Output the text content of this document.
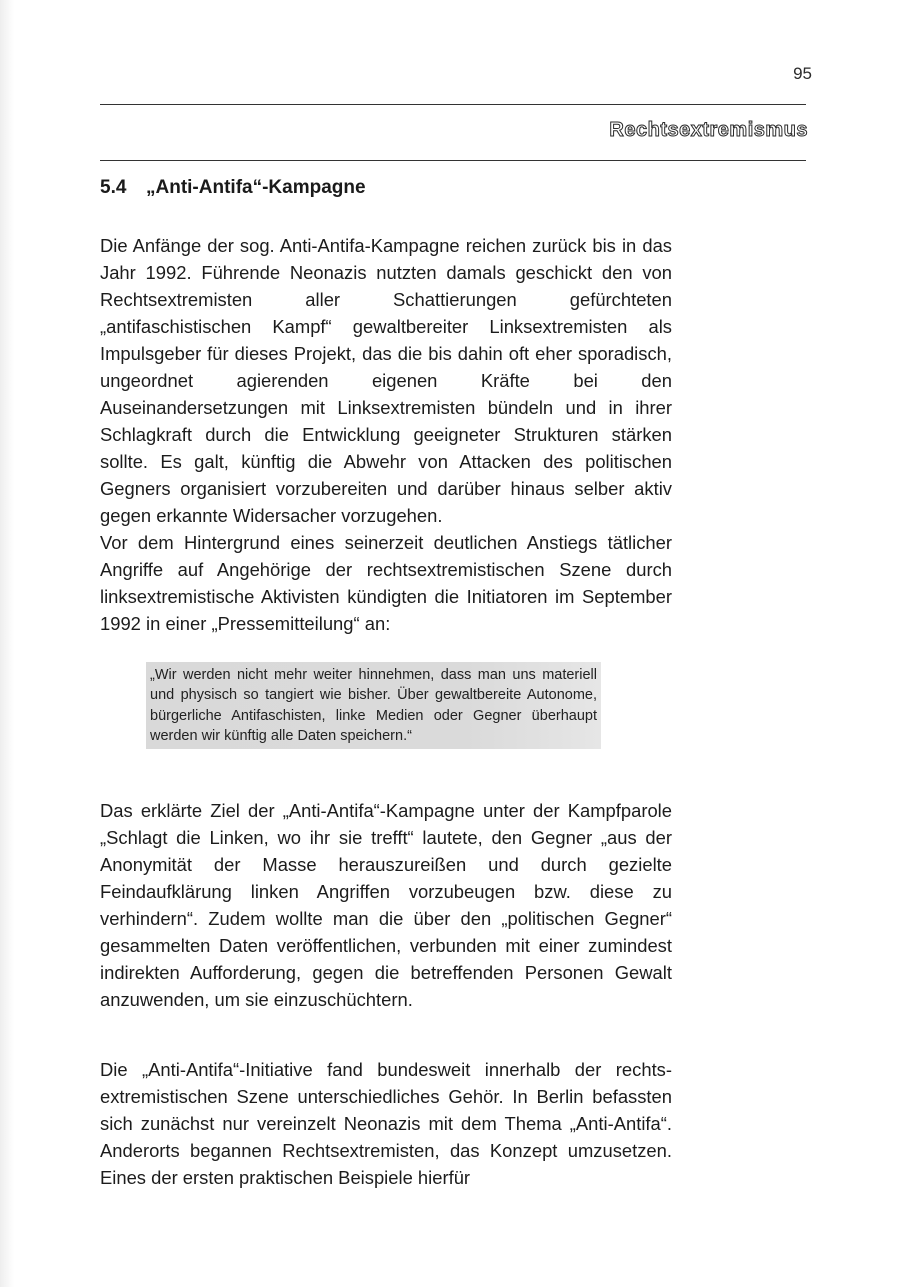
95
Rechtsextremismus
5.4 „Anti-Antifa“-Kampagne
Die Anfänge der sog. Anti-Antifa-Kampagne reichen zurück bis in das Jahr 1992. Führende Neonazis nutzten damals geschickt den von Rechtsextremisten aller Schattierungen gefürchteten „antifaschistischen Kampf“ gewaltbereiter Linksextremisten als Impulsgeber für dieses Projekt, das die bis dahin oft eher sporadisch, ungeordnet agierenden eigenen Kräfte bei den Auseinandersetzungen mit Linksextremisten bündeln und in ihrer Schlagkraft durch die Entwicklung geeigneter Strukturen stärken sollte. Es galt, künftig die Abwehr von Attacken des politischen Gegners organisiert vorzubereiten und darüber hinaus selber aktiv gegen erkannte Widersacher vorzugehen.
Vor dem Hintergrund eines seinerzeit deutlichen Anstiegs tätlicher Angriffe auf Angehörige der rechtsextremistischen Szene durch linksextremistische Aktivisten kündigten die Initiatoren im September 1992 in einer „Pressemitteilung“ an:
„Wir werden nicht mehr weiter hinnehmen, dass man uns materiell und physisch so tangiert wie bisher. Über gewaltbereite Autonome, bürgerliche Antifaschisten, linke Medien oder Gegner überhaupt werden wir künftig alle Daten speichern.“
Das erklärte Ziel der „Anti-Antifa“-Kampagne unter der Kampfparole „Schlagt die Linken, wo ihr sie trefft“ lautete, den Gegner „aus der Anonymität der Masse herauszureißen und durch gezielte Feindaufklärung linken Angriffen vorzubeugen bzw. diese zu verhindern“. Zudem wollte man die über den „politischen Gegner“ gesammelten Daten veröffentlichen, verbunden mit einer zumindest indirekten Aufforderung, gegen die betreffenden Personen Gewalt anzuwenden, um sie einzuschüchtern.
Die „Anti-Antifa“-Initiative fand bundesweit innerhalb der rechtsextremistischen Szene unterschiedliches Gehör. In Berlin befassten sich zunächst nur vereinzelt Neonazis mit dem Thema „Anti-Antifa“. Anderorts begannen Rechtsextremisten, das Konzept umzusetzen. Eines der ersten praktischen Beispiele hierfür
